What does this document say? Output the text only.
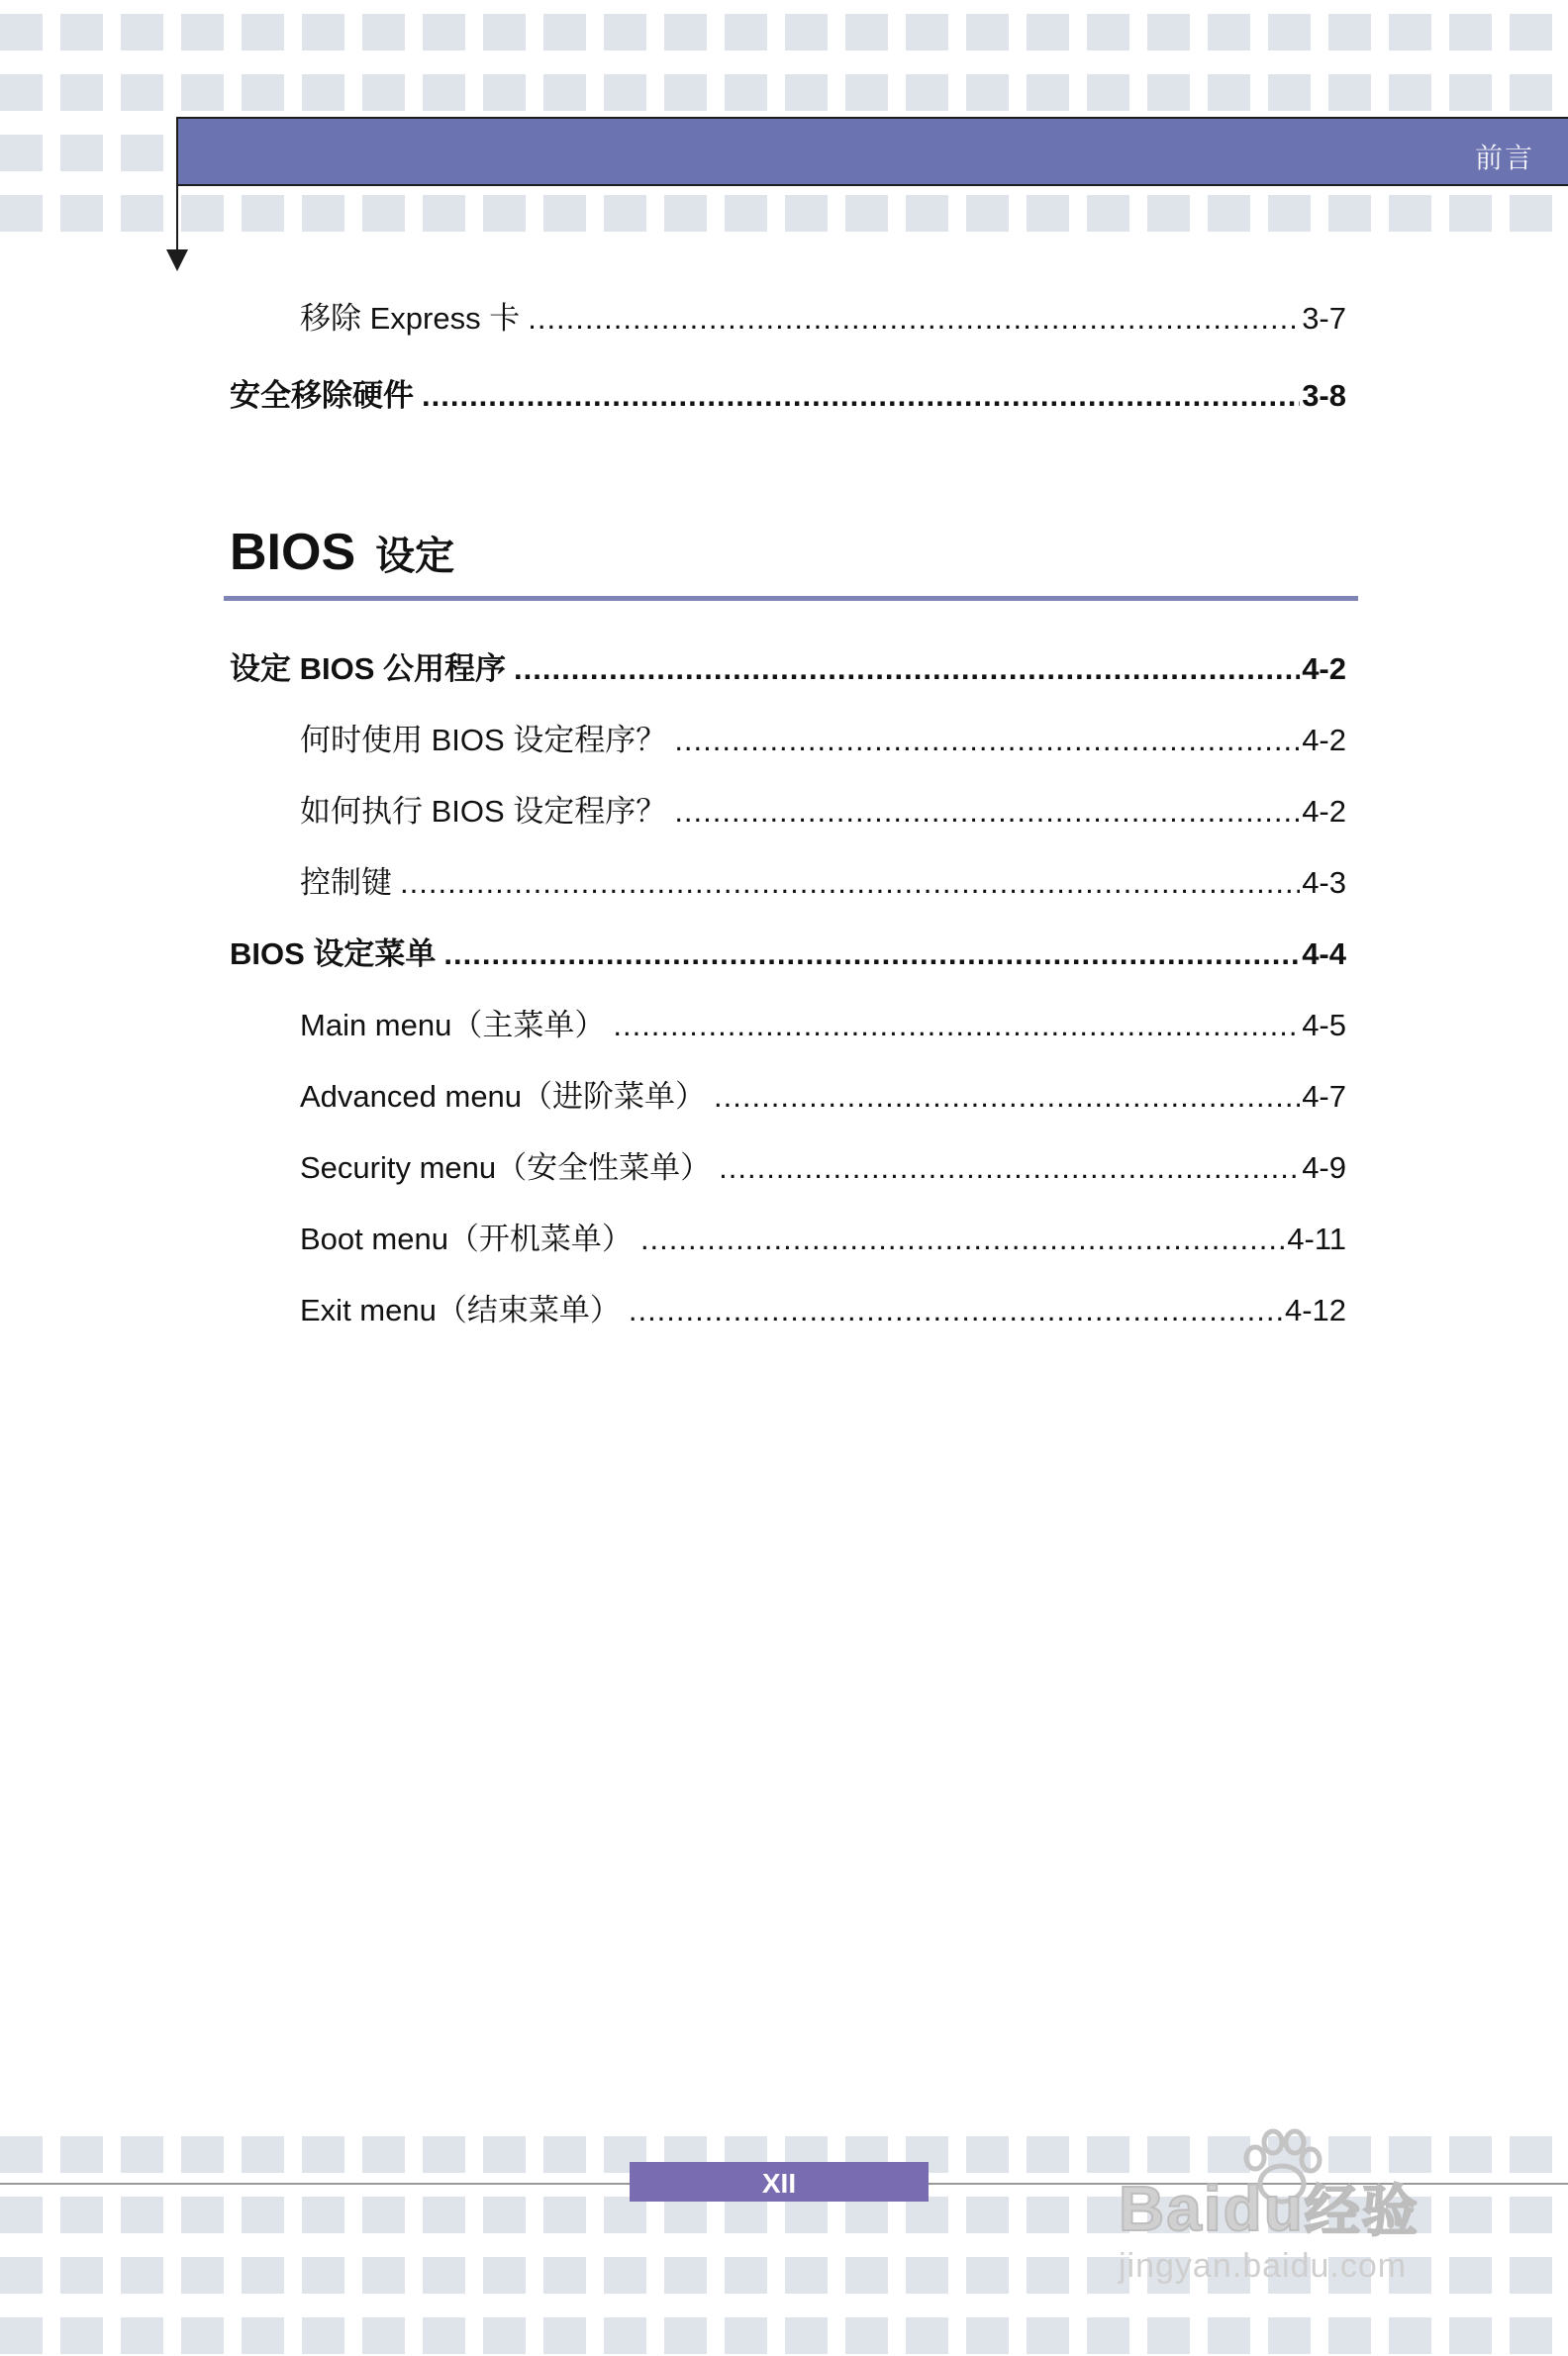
前言
移除 Express 卡 .....	3-7
安全移除硬件 .....	3-8
BIOS 设定
设定 BIOS 公用程序 .....	4-2
何时使用 BIOS 设定程序？ .....	4-2
如何执行 BIOS 设定程序？ .....	4-2
控制键 .....	4-3
BIOS 设定菜单 .....	4-4
Main menu（主菜单） .....	4-5
Advanced menu（进阶菜单） .....	4-7
Security menu（安全性菜单） .....	4-9
Boot menu（开机菜单） .....	4-11
Exit menu（结束菜单） .....	4-12
XII	Baidu经验
jingyan.baidu.com
